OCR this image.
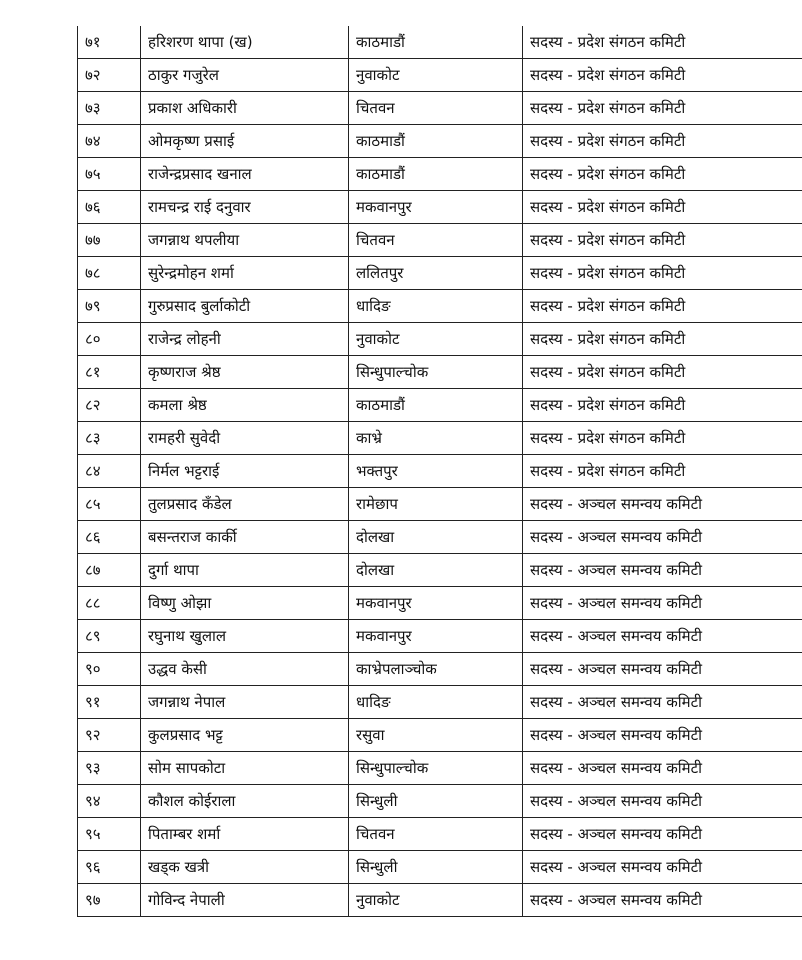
७१	हरिशरण थापा (ख)	काठमाडौं	सदस्य - प्रदेश संगठन कमिटी
७२	ठाकुर गजुरेल	नुवाकोट	सदस्य - प्रदेश संगठन कमिटी
७३	प्रकाश अधिकारी	चितवन	सदस्य - प्रदेश संगठन कमिटी
७४	ओमकृष्ण प्रसाई	काठमाडौं	सदस्य - प्रदेश संगठन कमिटी
७५	राजेन्द्रप्रसाद खनाल	काठमाडौं	सदस्य - प्रदेश संगठन कमिटी
७६	रामचन्द्र राई दनुवार	मकवानपुर	सदस्य - प्रदेश संगठन कमिटी
७७	जगन्नाथ थपलीया	चितवन	सदस्य - प्रदेश संगठन कमिटी
७८	सुरेन्द्रमोहन शर्मा	ललितपुर	सदस्य - प्रदेश संगठन कमिटी
७९	गुरुप्रसाद बुर्लाकोटी	धादिङ	सदस्य - प्रदेश संगठन कमिटी
८०	राजेन्द्र लोहनी	नुवाकोट	सदस्य - प्रदेश संगठन कमिटी
८१	कृष्णराज श्रेष्ठ	सिन्धुपाल्चोक	सदस्य - प्रदेश संगठन कमिटी
८२	कमला श्रेष्ठ	काठमाडौं	सदस्य - प्रदेश संगठन कमिटी
८३	रामहरी सुवेदी	काभ्रे	सदस्य - प्रदेश संगठन कमिटी
८४	निर्मल भट्टराई	भक्तपुर	सदस्य - प्रदेश संगठन कमिटी
८५	तुलप्रसाद कँडेल	रामेछाप	सदस्य - अञ्चल समन्वय कमिटी
८६	बसन्तराज कार्की	दोलखा	सदस्य - अञ्चल समन्वय कमिटी
८७	दुर्गा थापा	दोलखा	सदस्य - अञ्चल समन्वय कमिटी
८८	विष्णु ओझा	मकवानपुर	सदस्य - अञ्चल समन्वय कमिटी
८९	रघुनाथ खुलाल	मकवानपुर	सदस्य - अञ्चल समन्वय कमिटी
९०	उद्धव केसी	काभ्रेपलाञ्चोक	सदस्य - अञ्चल समन्वय कमिटी
९१	जगन्नाथ नेपाल	धादिङ	सदस्य - अञ्चल समन्वय कमिटी
९२	कुलप्रसाद भट्ट	रसुवा	सदस्य - अञ्चल समन्वय कमिटी
९३	सोम सापकोटा	सिन्धुपाल्चोक	सदस्य - अञ्चल समन्वय कमिटी
९४	कौशल कोईराला	सिन्धुली	सदस्य - अञ्चल समन्वय कमिटी
९५	पिताम्बर शर्मा	चितवन	सदस्य - अञ्चल समन्वय कमिटी
९६	खड्क खत्री	सिन्धुली	सदस्य - अञ्चल समन्वय कमिटी
९७	गोविन्द नेपाली	नुवाकोट	सदस्य - अञ्चल समन्वय कमिटी
